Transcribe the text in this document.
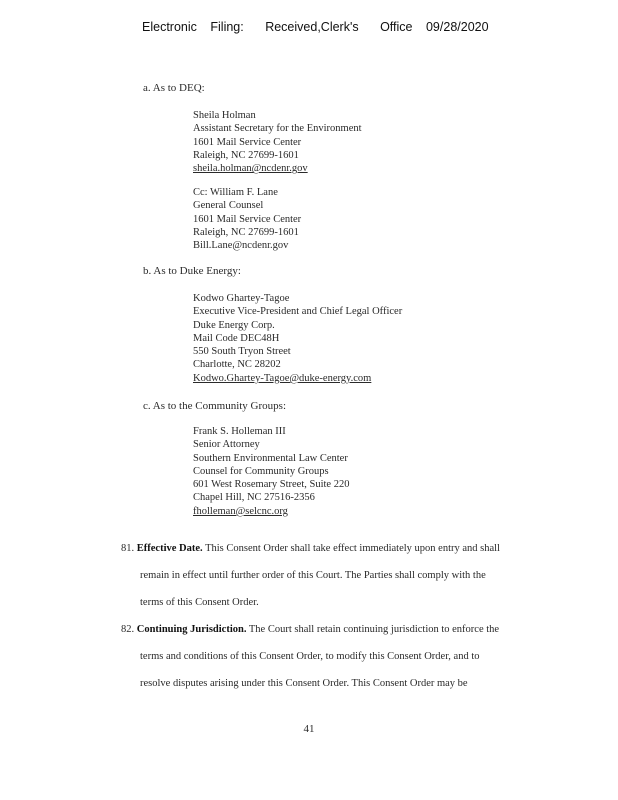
Electronic Filing: Received,Clerk's Office 09/28/2020
a. As to DEQ:
Sheila Holman
Assistant Secretary for the Environment
1601 Mail Service Center
Raleigh, NC 27699-1601
sheila.holman@ncdenr.gov
Cc: William F. Lane
General Counsel
1601 Mail Service Center
Raleigh, NC 27699-1601
Bill.Lane@ncdenr.gov
b. As to Duke Energy:
Kodwo Ghartey-Tagoe
Executive Vice-President and Chief Legal Officer
Duke Energy Corp.
Mail Code DEC48H
550 South Tryon Street
Charlotte, NC 28202
Kodwo.Ghartey-Tagoe@duke-energy.com
c. As to the Community Groups:
Frank S. Holleman III
Senior Attorney
Southern Environmental Law Center
Counsel for Community Groups
601 West Rosemary Street, Suite 220
Chapel Hill, NC 27516-2356
fholleman@selcnc.org
81. Effective Date. This Consent Order shall take effect immediately upon entry and shall
remain in effect until further order of this Court. The Parties shall comply with the
terms of this Consent Order.
82. Continuing Jurisdiction. The Court shall retain continuing jurisdiction to enforce the
terms and conditions of this Consent Order, to modify this Consent Order, and to
resolve disputes arising under this Consent Order. This Consent Order may be
41
